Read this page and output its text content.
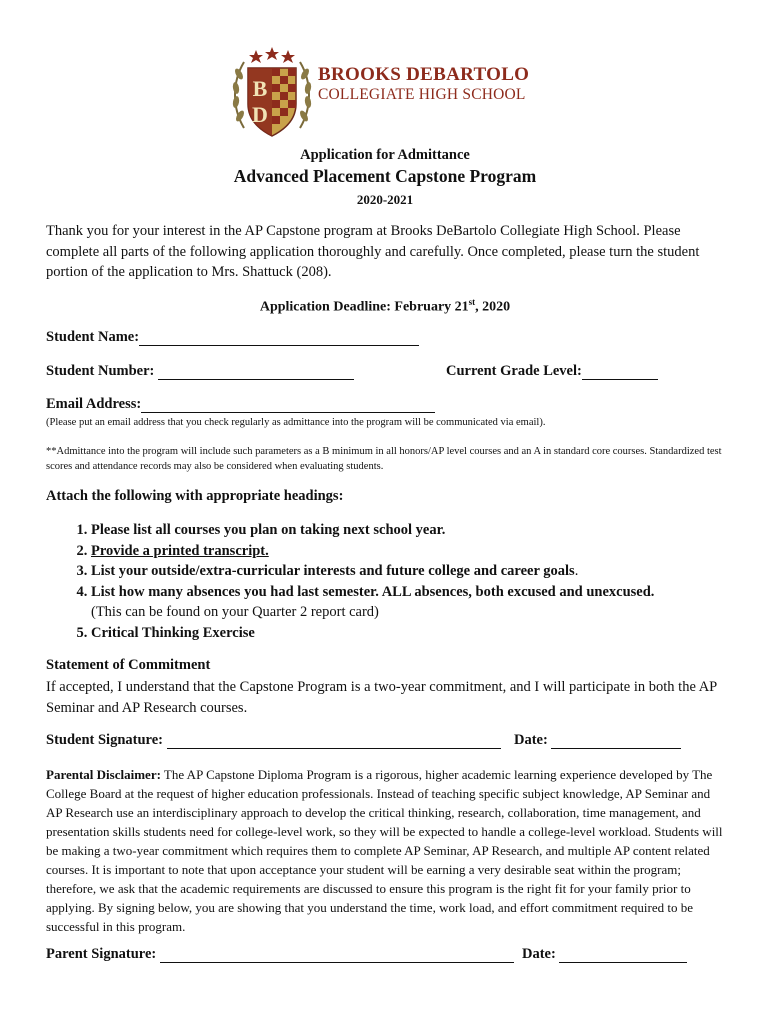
B
D
BROOKS DEBARTOLO
COLLEGIATE HIGH SCHOOL
Application for Admittance
Advanced Placement Capstone Program
2020-2021
Thank you for your interest in the AP Capstone program at Brooks DeBartolo Collegiate High School. Please complete all parts of the following application thoroughly and carefully. Once completed, please turn the student portion of the application to Mrs. Shattuck (208).
Application Deadline: February 21st, 2020
Student Name:
Student Number:	Current Grade Level:
Email Address:
(Please put an email address that you check regularly as admittance into the program will be communicated via email).
**Admittance into the program will include such parameters as a B minimum in all honors/AP level courses and an A in standard core courses. Standardized test scores and attendance records may also be considered when evaluating students.
Attach the following with appropriate headings:
1. Please list all courses you plan on taking next school year.
2. Provide a printed transcript.
3. List your outside/extra-curricular interests and future college and career goals.
4. List how many absences you had last semester. ALL absences, both excused and unexcused.
(This can be found on your Quarter 2 report card)
5. Critical Thinking Exercise
Statement of Commitment
If accepted, I understand that the Capstone Program is a two-year commitment, and I will participate in both the AP Seminar and AP Research courses.
Student Signature:	Date:
Parental Disclaimer: The AP Capstone Diploma Program is a rigorous, higher academic learning experience developed by The College Board at the request of higher education professionals. Instead of teaching specific subject knowledge, AP Seminar and AP Research use an interdisciplinary approach to develop the critical thinking, research, collaboration, time management, and presentation skills students need for college-level work, so they will be expected to handle a college-level workload. Students will be making a two-year commitment which requires them to complete AP Seminar, AP Research, and multiple AP content related courses. It is important to note that upon acceptance your student will be earning a very desirable seat within the program; therefore, we ask that the academic requirements are discussed to ensure this program is the right fit for your family prior to applying. By signing below, you are showing that you understand the time, work load, and effort commitment required to be successful in this program.
Parent Signature:	Date:
